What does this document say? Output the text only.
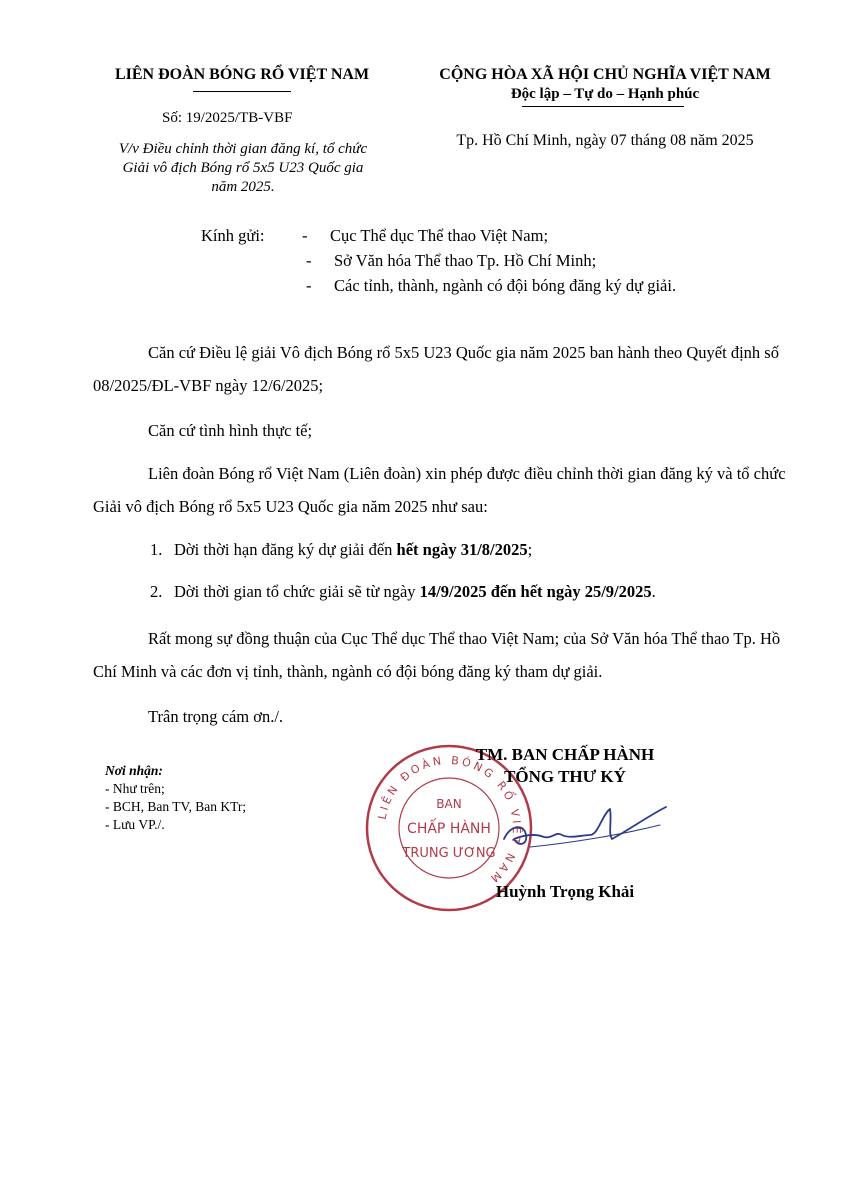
LIÊN ĐOÀN BÓNG RỔ VIỆT NAM
Số: 19/2025/TB-VBF
V/v Điều chỉnh thời gian đăng kí, tổ chức
Giải vô địch Bóng rổ 5x5 U23 Quốc gia
năm 2025.
CỘNG HÒA XÃ HỘI CHỦ NGHĨA VIỆT NAM
Độc lập – Tự do – Hạnh phúc
Tp. Hồ Chí Minh, ngày 07 tháng 08 năm 2025
Kính gửi: - Cục Thể dục Thể thao Việt Nam;
- Sở Văn hóa Thể thao Tp. Hồ Chí Minh;
- Các tỉnh, thành, ngành có đội bóng đăng ký dự giải.
Căn cứ Điều lệ giải Vô địch Bóng rổ 5x5 U23 Quốc gia năm 2025 ban hành theo Quyết định số 08/2025/ĐL-VBF ngày 12/6/2025;
Căn cứ tình hình thực tế;
Liên đoàn Bóng rổ Việt Nam (Liên đoàn) xin phép được điều chỉnh thời gian đăng ký và tổ chức Giải vô địch Bóng rổ 5x5 U23 Quốc gia năm 2025 như sau:
1. Dời thời hạn đăng ký dự giải đến hết ngày 31/8/2025;
2. Dời thời gian tổ chức giải sẽ từ ngày 14/9/2025 đến hết ngày 25/9/2025.
Rất mong sự đồng thuận của Cục Thể dục Thể thao Việt Nam; của Sở Văn hóa Thể thao Tp. Hồ Chí Minh và các đơn vị tỉnh, thành, ngành có đội bóng đăng ký tham dự giải.
Trân trọng cám ơn./.
Nơi nhận:
- Như trên;
- BCH, Ban TV, Ban KTr;
- Lưu VP./.
LIÊN ĐOÀN BÓNG RỔ VIỆT NAM
BAN
CHẤP HÀNH
TRUNG ƯƠNG
TM. BAN CHẤP HÀNH
TỔNG THƯ KÝ
Huỳnh Trọng Khải
